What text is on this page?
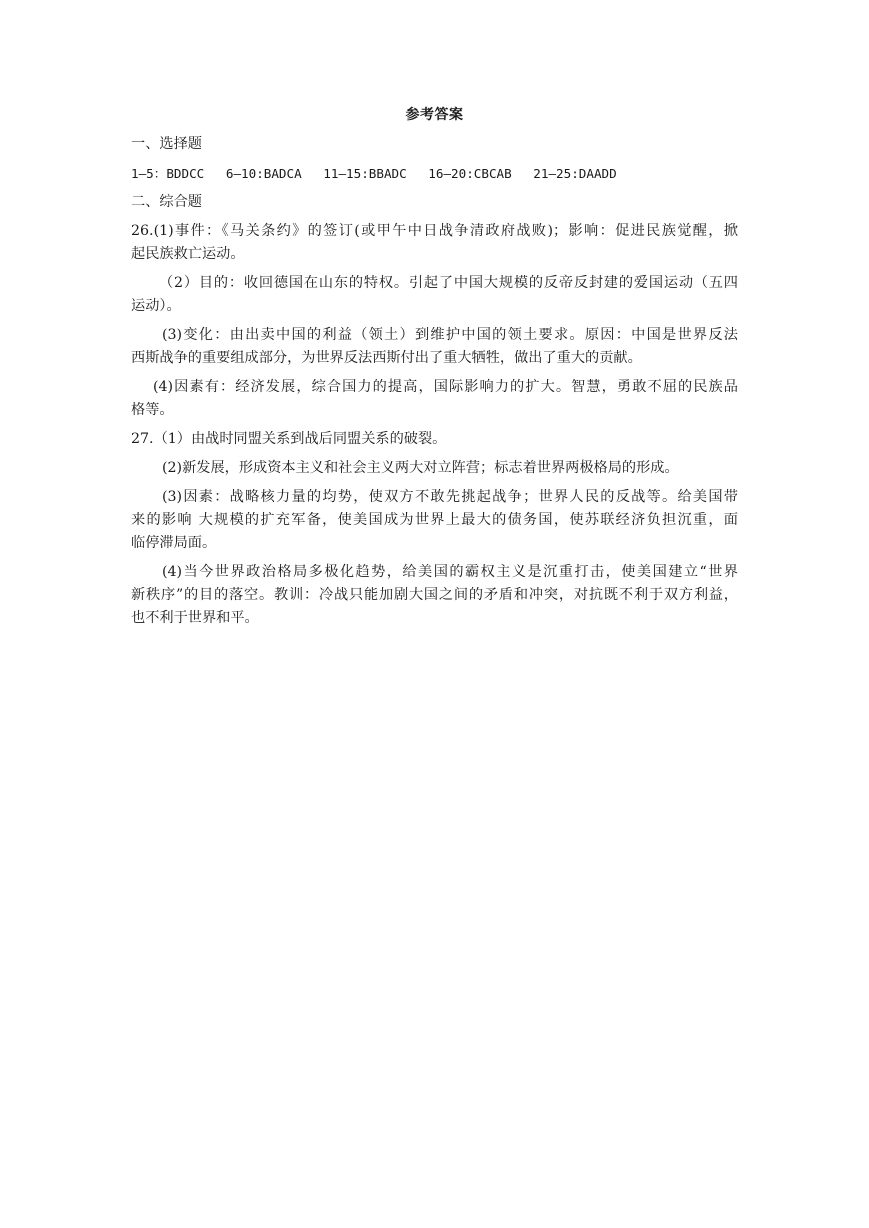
参考答案
一、选择题
1—5：BDDCC 6—10:BADCA 11—15:BBADC 16—20:CBCAB 21—25:DAADD
二、综合题
26.(1)事件：《马关条约》的签订(或甲午中日战争清政府战败)；影响：促进民族觉醒，掀
起民族救亡运动。
（2）目的：收回德国在山东的特权。引起了中国大规模的反帝反封建的爱国运动（五四
运动）。
(3)变化：由出卖中国的利益（领土）到维护中国的领土要求。原因：中国是世界反法
西斯战争的重要组成部分，为世界反法西斯付出了重大牺牲，做出了重大的贡献。
(4)因素有：经济发展，综合国力的提高，国际影响力的扩大。智慧，勇敢不屈的民族品
格等。
27.（1）由战时同盟关系到战后同盟关系的破裂。
(2)新发展，形成资本主义和社会主义两大对立阵营；标志着世界两极格局的形成。
(3)因素：战略核力量的均势，使双方不敢先挑起战争；世界人民的反战等。给美国带
来的影响 大规模的扩充军备，使美国成为世界上最大的债务国，使苏联经济负担沉重，面
临停滞局面。
(4)当今世界政治格局多极化趋势，给美国的霸权主义是沉重打击，使美国建立“世界
新秩序”的目的落空。教训：冷战只能加剧大国之间的矛盾和冲突，对抗既不利于双方利益，
也不利于世界和平。
